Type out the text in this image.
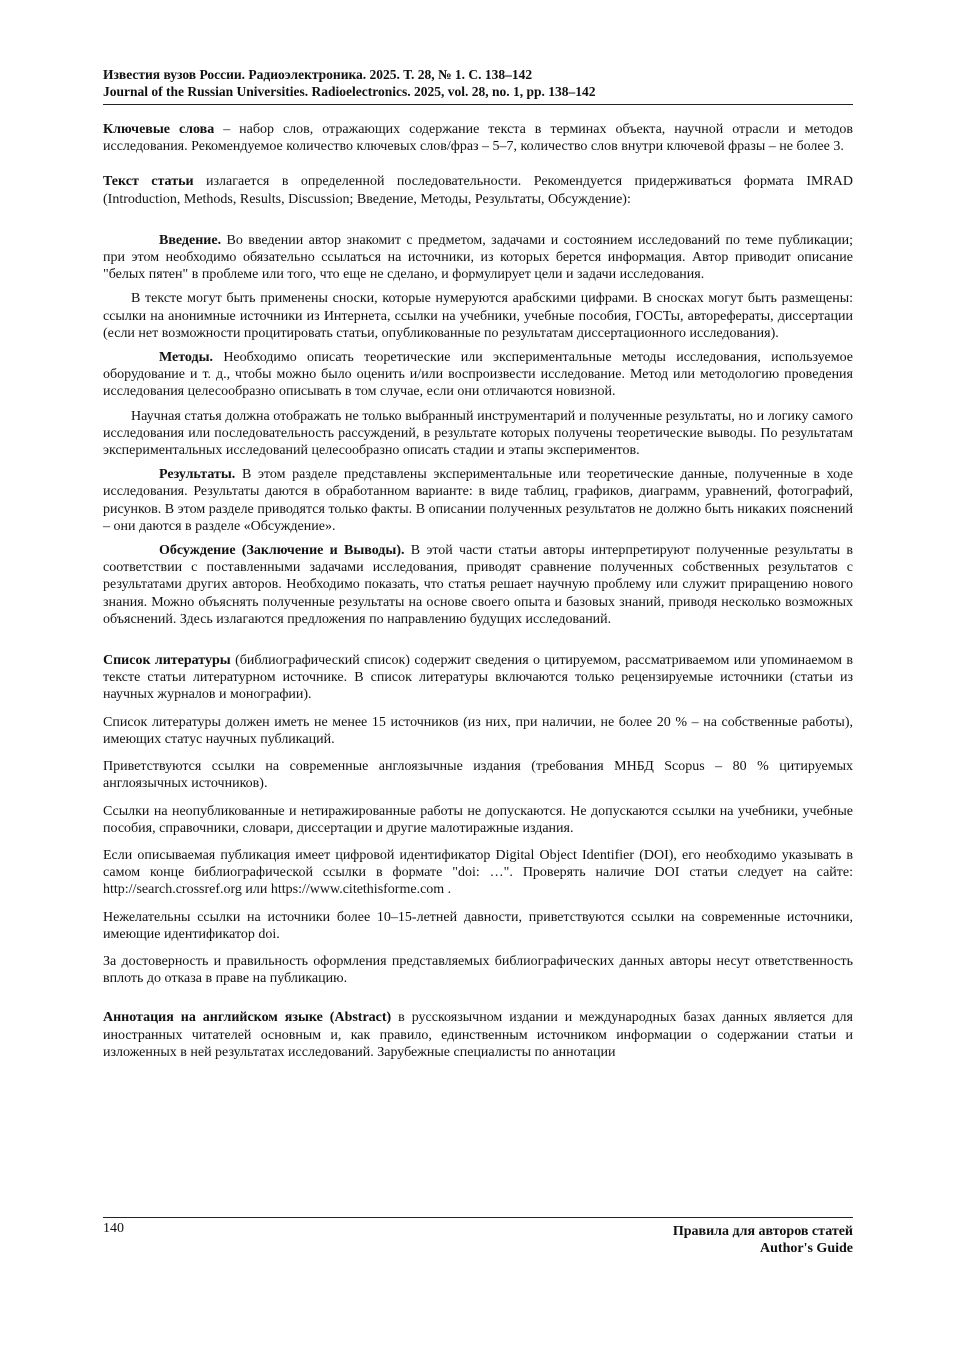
Известия вузов России. Радиоэлектроника. 2025. Т. 28, № 1. С. 138–142
Journal of the Russian Universities. Radioelectronics. 2025, vol. 28, no. 1, pp. 138–142

Ключевые слова – набор слов, отражающих содержание текста в терминах объекта, научной отрасли и методов исследования. Рекомендуемое количество ключевых слов/фраз – 5–7, количество слов внутри ключевой фразы – не более 3.

Текст статьи излагается в определенной последовательности. Рекомендуется придерживаться формата IMRAD (Introduction, Methods, Results, Discussion; Введение, Методы, Результаты, Обсуждение):

Введение. Во введении автор знакомит с предметом, задачами и состоянием исследований по теме публикации; при этом необходимо обязательно ссылаться на источники, из которых берется информация. Автор приводит описание "белых пятен" в проблеме или того, что еще не сделано, и формулирует цели и задачи исследования.

В тексте могут быть применены сноски, которые нумеруются арабскими цифрами. В сносках могут быть размещены: ссылки на анонимные источники из Интернета, ссылки на учебники, учебные пособия, ГОСТы, авторефераты, диссертации (если нет возможности процитировать статьи, опубликованные по результатам диссертационного исследования).

Методы. Необходимо описать теоретические или экспериментальные методы исследования, используемое оборудование и т. д., чтобы можно было оценить и/или воспроизвести исследование. Метод или методологию проведения исследования целесообразно описывать в том случае, если они отличаются новизной.

Научная статья должна отображать не только выбранный инструментарий и полученные результаты, но и логику самого исследования или последовательность рассуждений, в результате которых получены теоретические выводы. По результатам экспериментальных исследований целесообразно описать стадии и этапы экспериментов.

Результаты. В этом разделе представлены экспериментальные или теоретические данные, полученные в ходе исследования. Результаты даются в обработанном варианте: в виде таблиц, графиков, диаграмм, уравнений, фотографий, рисунков. В этом разделе приводятся только факты. В описании полученных результатов не должно быть никаких пояснений – они даются в разделе «Обсуждение».

Обсуждение (Заключение и Выводы). В этой части статьи авторы интерпретируют полученные результаты в соответствии с поставленными задачами исследования, приводят сравнение полученных собственных результатов с результатами других авторов. Необходимо показать, что статья решает научную проблему или служит приращению нового знания. Можно объяснять полученные результаты на основе своего опыта и базовых знаний, приводя несколько возможных объяснений. Здесь излагаются предложения по направлению будущих исследований.

Список литературы (библиографический список) содержит сведения о цитируемом, рассматриваемом или упоминаемом в тексте статьи литературном источнике. В список литературы включаются только рецензируемые источники (статьи из научных журналов и монографии).

Список литературы должен иметь не менее 15 источников (из них, при наличии, не более 20 % – на собственные работы), имеющих статус научных публикаций.

Приветствуются ссылки на современные англоязычные издания (требования МНБД Scopus – 80 % цитируемых англоязычных источников).

Ссылки на неопубликованные и нетиражированные работы не допускаются. Не допускаются ссылки на учебники, учебные пособия, справочники, словари, диссертации и другие малотиражные издания.

Если описываемая публикация имеет цифровой идентификатор Digital Object Identifier (DOI), его необходимо указывать в самом конце библиографической ссылки в формате "doi: …". Проверять наличие DOI статьи следует на сайте: http://search.crossref.org или https://www.citethisforme.com .

Нежелательны ссылки на источники более 10–15-летней давности, приветствуются ссылки на современные источники, имеющие идентификатор doi.

За достоверность и правильность оформления представляемых библиографических данных авторы несут ответственность вплоть до отказа в праве на публикацию.

Аннотация на английском языке (Abstract) в русскоязычном издании и международных базах данных является для иностранных читателей основным и, как правило, единственным источником информации о содержании статьи и изложенных в ней результатах исследований. Зарубежные специалисты по аннотации

140	Правила для авторов статей
Author's Guide
